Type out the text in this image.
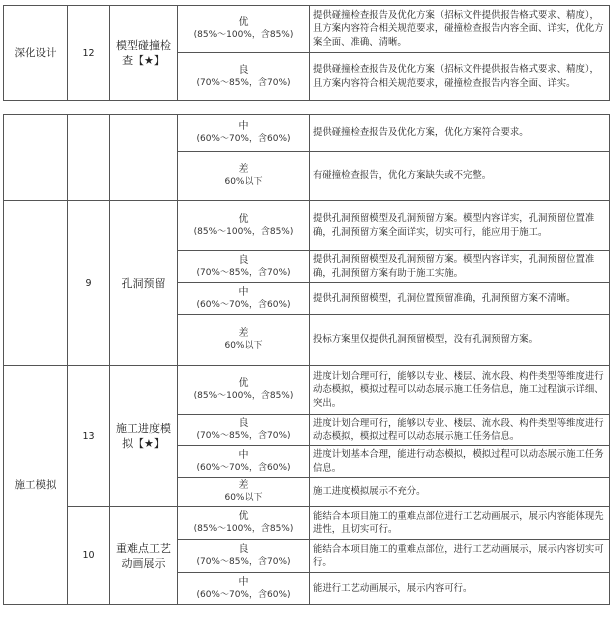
深化设计	12	模型碰撞检查【★】	优
(85%～100%，含85%)	提供碰撞检查报告及优化方案（招标文件提供报告格式要求、精度），且方案内容符合相关规范要求，碰撞检查报告内容全面、详实，优化方案全面、准确、清晰。

			良
(70%～85%，含70%)	提供碰撞检查报告及优化方案（招标文件提供报告格式要求、精度），且方案内容符合相关规范要求，碰撞检查报告内容全面、详实。

			中
(60%～70%，含60%)	提供碰撞检查报告及优化方案，优化方案符合要求。

			差
60%以下	有碰撞检查报告，优化方案缺失或不完整。
	9	孔洞预留	优
(85%～100%，含85%)	提供孔洞预留模型及孔洞预留方案。模型内容详实，孔洞预留位置准确，孔洞预留方案全面详实，切实可行，能应用于施工。

			良
(70%～85%，含70%)	提供孔洞预留模型及孔洞预留方案。模型内容详实，孔洞预留位置准确，孔洞预留方案有助于施工实施。

			中
(60%～70%，含60%)	提供孔洞预留模型，孔洞位置预留准确，孔洞预留方案不清晰。

			差
60%以下	投标方案里仅提供孔洞预留模型，没有孔洞预留方案。
施工模拟	13	施工进度模拟【★】	优
(85%～100%，含85%)	进度计划合理可行，能够以专业、楼层、流水段、构件类型等维度进行动态模拟，模拟过程可以动态展示施工任务信息，施工过程演示详细、突出。

			良
(70%～85%，含70%)	进度计划合理可行，能够以专业、楼层、流水段、构件类型等维度进行动态模拟，模拟过程可以动态展示施工任务信息。

			中
(60%～70%，含60%)	进度计划基本合理，能进行动态模拟，模拟过程可以动态展示施工任务信息。

			差
60%以下	施工进度模拟展示不充分。
	10	重难点工艺动画展示	优
(85%～100%，含85%)	能结合本项目施工的重难点部位进行工艺动画展示，展示内容能体现先进性，且切实可行。

			良
(70%～85%，含70%)	能结合本项目施工的重难点部位，进行工艺动画展示，展示内容切实可行。

			中
(60%～70%，含60%)	能进行工艺动画展示，展示内容可行。
